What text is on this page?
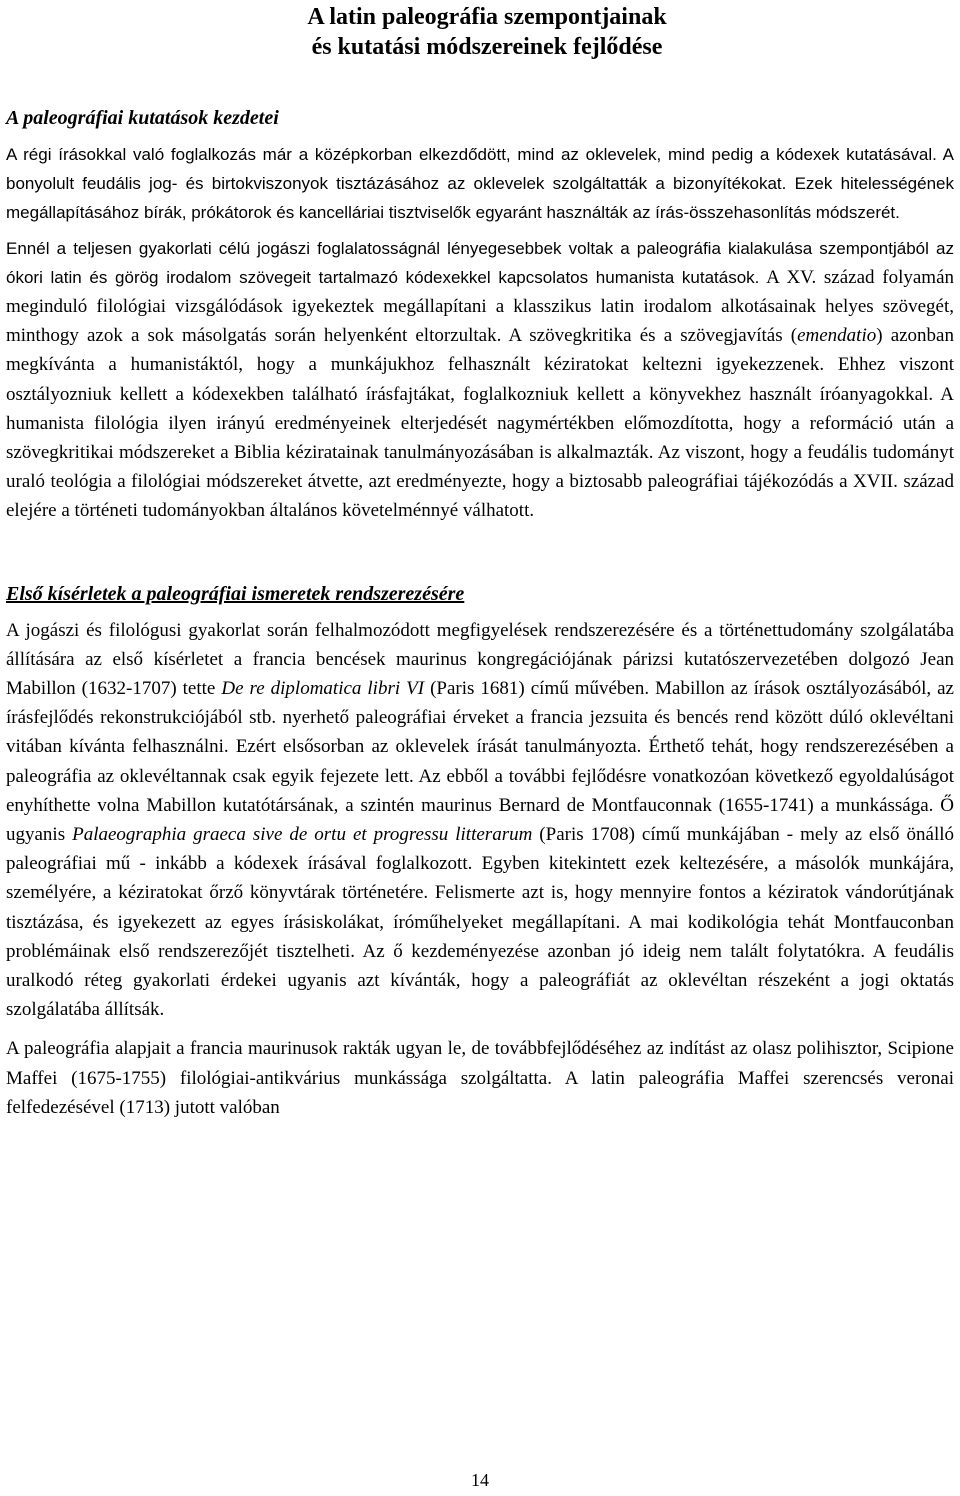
A latin paleográfia szempontjainak
és kutatási módszereinek fejlődése
A paleográfiai kutatások kezdetei

A régi írásokkal való foglalkozás már a középkorban elkezdődött, mind az oklevelek, mind pedig a kódexek kutatásával. A bonyolult feudális jog- és birtokviszonyok tisztázásához az oklevelek szolgáltatták a bizonyítékokat. Ezek hitelességének megállapításához bírák, prókátorok és kancelláriai tisztviselők egyaránt használták az írás-összehasonlítás módszerét.

Ennél a teljesen gyakorlati célú jogászi foglalatosságnál lényegesebbek voltak a paleográfia kialakulása szempontjából az ókori latin és görög irodalom szövegeit tartalmazó kódexekkel kapcsolatos humanista kutatások. A XV. század folyamán meginduló filológiai vizsgálódások igyekeztek megállapítani a klasszikus latin irodalom alkotásainak helyes szövegét, minthogy azok a sok másolgatás során helyenként eltorzultak. A szövegkritika és a szövegjavítás (emendatio) azonban megkívánta a humanistáktól, hogy a munkájukhoz felhasznált kéziratokat keltezni igyekezzenek. Ehhez viszont osztályozniuk kellett a kódexekben található írásfajtákat, foglalkozniuk kellett a könyvekhez használt íróanyagokkal. A humanista filológia ilyen irányú eredményeinek elterjedését nagymértékben előmozdította, hogy a reformáció után a szövegkritikai módszereket a Biblia kéziratainak tanulmányozásában is alkalmazták. Az viszont, hogy a feudális tudományt uraló teológia a filológiai módszereket átvette, azt eredményezte, hogy a biztosabb paleográfiai tájékozódás a XVII. század elejére a történeti tudományokban általános követelménnyé válhatott.

Első kísérletek a paleográfiai ismeretek rendszerezésére

A jogászi és filológusi gyakorlat során felhalmozódott megfigyelések rendszerezésére és a történettudomány szolgálatába állítására az első kísérletet a francia bencések maurinus kongregációjának párizsi kutatószervezetében dolgozó Jean Mabillon (1632-1707) tette De re diplomatica libri VI (Paris 1681) című művében. Mabillon az írások osztályozásából, az írásfejlődés rekonstrukciójából stb. nyerhető paleográfiai érveket a francia jezsuita és bencés rend között dúló oklevéltani vitában kívánta felhasználni. Ezért elsősorban az oklevelek írását tanulmányozta. Érthető tehát, hogy rendszerezésében a paleográfia az oklevéltannak csak egyik fejezete lett. Az ebből a további fejlődésre vonatkozóan következő egyoldalúságot enyhíthette volna Mabillon kutatótársának, a szintén maurinus Bernard de Montfauconnak (1655-1741) a munkássága. Ő ugyanis Palaeographia graeca sive de ortu et progressu litterarum (Paris 1708) című munkájában - mely az első önálló paleográfiai mű - inkább a kódexek írásával foglalkozott. Egyben kitekintett ezek keltezésére, a másolók munkájára, személyére, a kéziratokat őrző könyvtárak történetére. Felismerte azt is, hogy mennyire fontos a kéziratok vándorútjának tisztázása, és igyekezett az egyes írásiskolákat, íróműhelyeket megállapítani. A mai kodikológia tehát Montfauconban problémáinak első rendszerezőjét tisztelheti. Az ő kezdeményezése azonban jó ideig nem talált folytatókra. A feudális uralkodó réteg gyakorlati érdekei ugyanis azt kívánták, hogy a paleográfiát az oklevéltan részeként a jogi oktatás szolgálatába állítsák.

A paleográfia alapjait a francia maurinusok rakták ugyan le, de továbbfejlődéséhez az indítást az olasz polihisztor, Scipione Maffei (1675-1755) filológiai-antikvárius munkássága szolgáltatta. A latin paleográfia Maffei szerencsés veronai felfedezésével (1713) jutott valóban

14
